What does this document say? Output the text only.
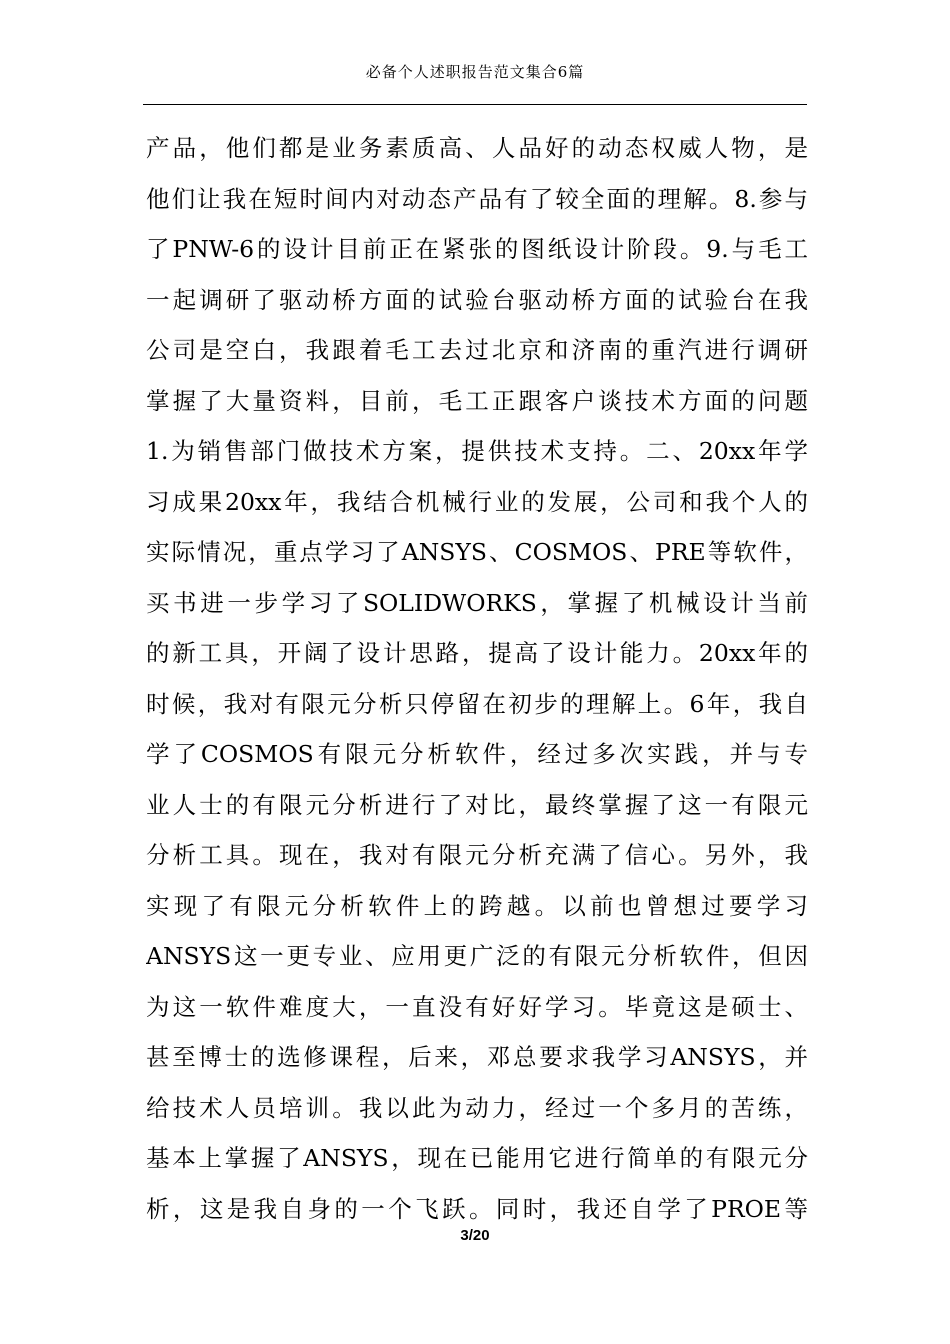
必备个人述职报告范文集合6篇
产品，他们都是业务素质高、人品好的动态权威人物，是
他们让我在短时间内对动态产品有了较全面的理解。8.参与
了PNW-6的设计目前正在紧张的图纸设计阶段。9.与毛工
一起调研了驱动桥方面的试验台驱动桥方面的试验台在我
公司是空白，我跟着毛工去过北京和济南的重汽进行调研
掌握了大量资料，目前，毛工正跟客户谈技术方面的问题
1.为销售部门做技术方案，提供技术支持。二、20xx年学
习成果20xx年，我结合机械行业的发展，公司和我个人的
实际情况，重点学习了ANSYS、COSMOS、PRE等软件，
买书进一步学习了SOLIDWORKS，掌握了机械设计当前
的新工具，开阔了设计思路，提高了设计能力。20xx年的
时候，我对有限元分析只停留在初步的理解上。6年，我自
学了COSMOS有限元分析软件，经过多次实践，并与专
业人士的有限元分析进行了对比，最终掌握了这一有限元
分析工具。现在，我对有限元分析充满了信心。另外，我
实现了有限元分析软件上的跨越。以前也曾想过要学习
ANSYS这一更专业、应用更广泛的有限元分析软件，但因
为这一软件难度大，一直没有好好学习。毕竟这是硕士、
甚至博士的选修课程，后来，邓总要求我学习ANSYS，并
给技术人员培训。我以此为动力，经过一个多月的苦练，
基本上掌握了ANSYS，现在已能用它进行简单的有限元分
析，这是我自身的一个飞跃。同时，我还自学了PROE等
3/20
